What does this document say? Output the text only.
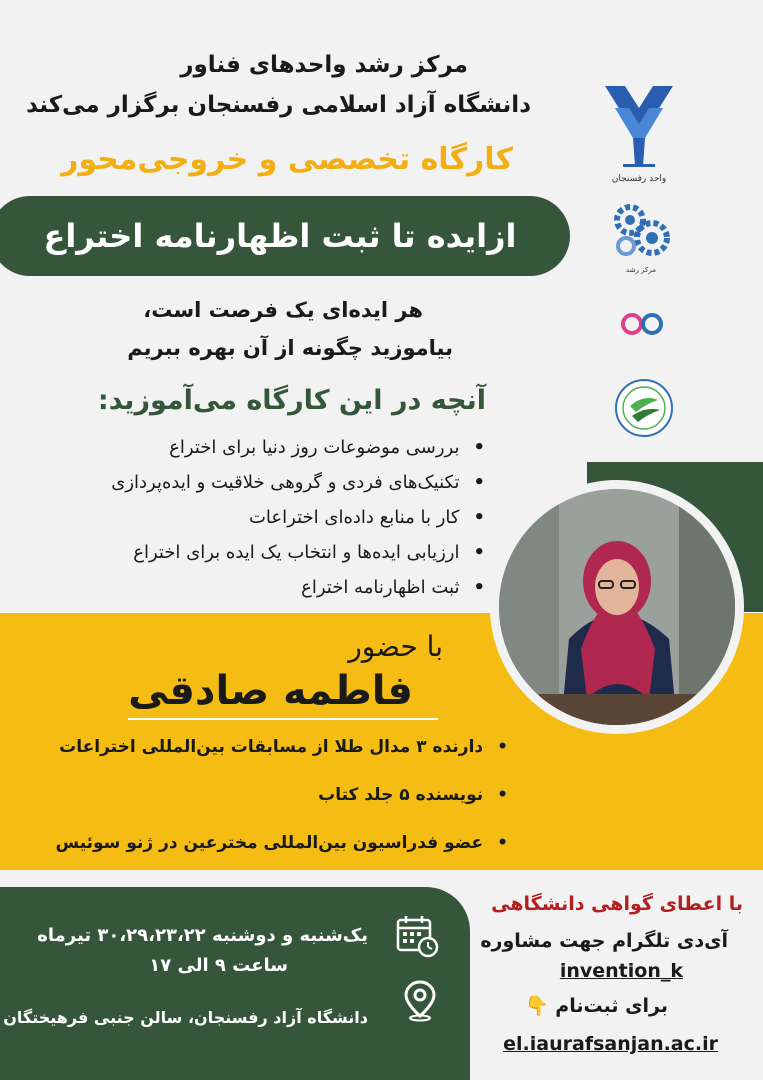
مرکز رشد واحدهای فناور
دانشگاه آزاد اسلامی رفسنجان برگزار می‌کند
کارگاه تخصصی و خروجی‌محور
ازایده تا ثبت اظهارنامه اختراع
واحد رفسنجان
مرکز رشد
هر ایده‌ای یک فرصت است،
بیاموزید چگونه از آن بهره ببریم
آنچه در این کارگاه می‌آموزید:
• بررسی موضوعات روز دنیا برای اختراع
• تکنیک‌های فردی و گروهی خلاقیت و ایده‌پردازی
• کار با منابع داده‌ای اختراعات
• ارزیابی ایده‌ها و انتخاب یک ایده برای اختراع
• ثبت اظهارنامه اختراع
با حضور
فاطمه صادقی
• دارنده ۳ مدال طلا از مسابقات بین‌المللی اختراعات
• نویسنده ۵ جلد کتاب
• عضو فدراسیون بین‌المللی مخترعین در ژنو سوئیس
یک‌شنبه و دوشنبه ۳۰،۲۹،۲۳،۲۲ تیرماه
ساعت ۹ الی ۱۷
دانشگاه آزاد رفسنجان، سالن جنبی فرهیختگان
با اعطای گواهی دانشگاهی
آی‌دی تلگرام جهت مشاوره
invention_k
برای ثبت‌نام 👇
el.iaurafsanjan.ac.ir
